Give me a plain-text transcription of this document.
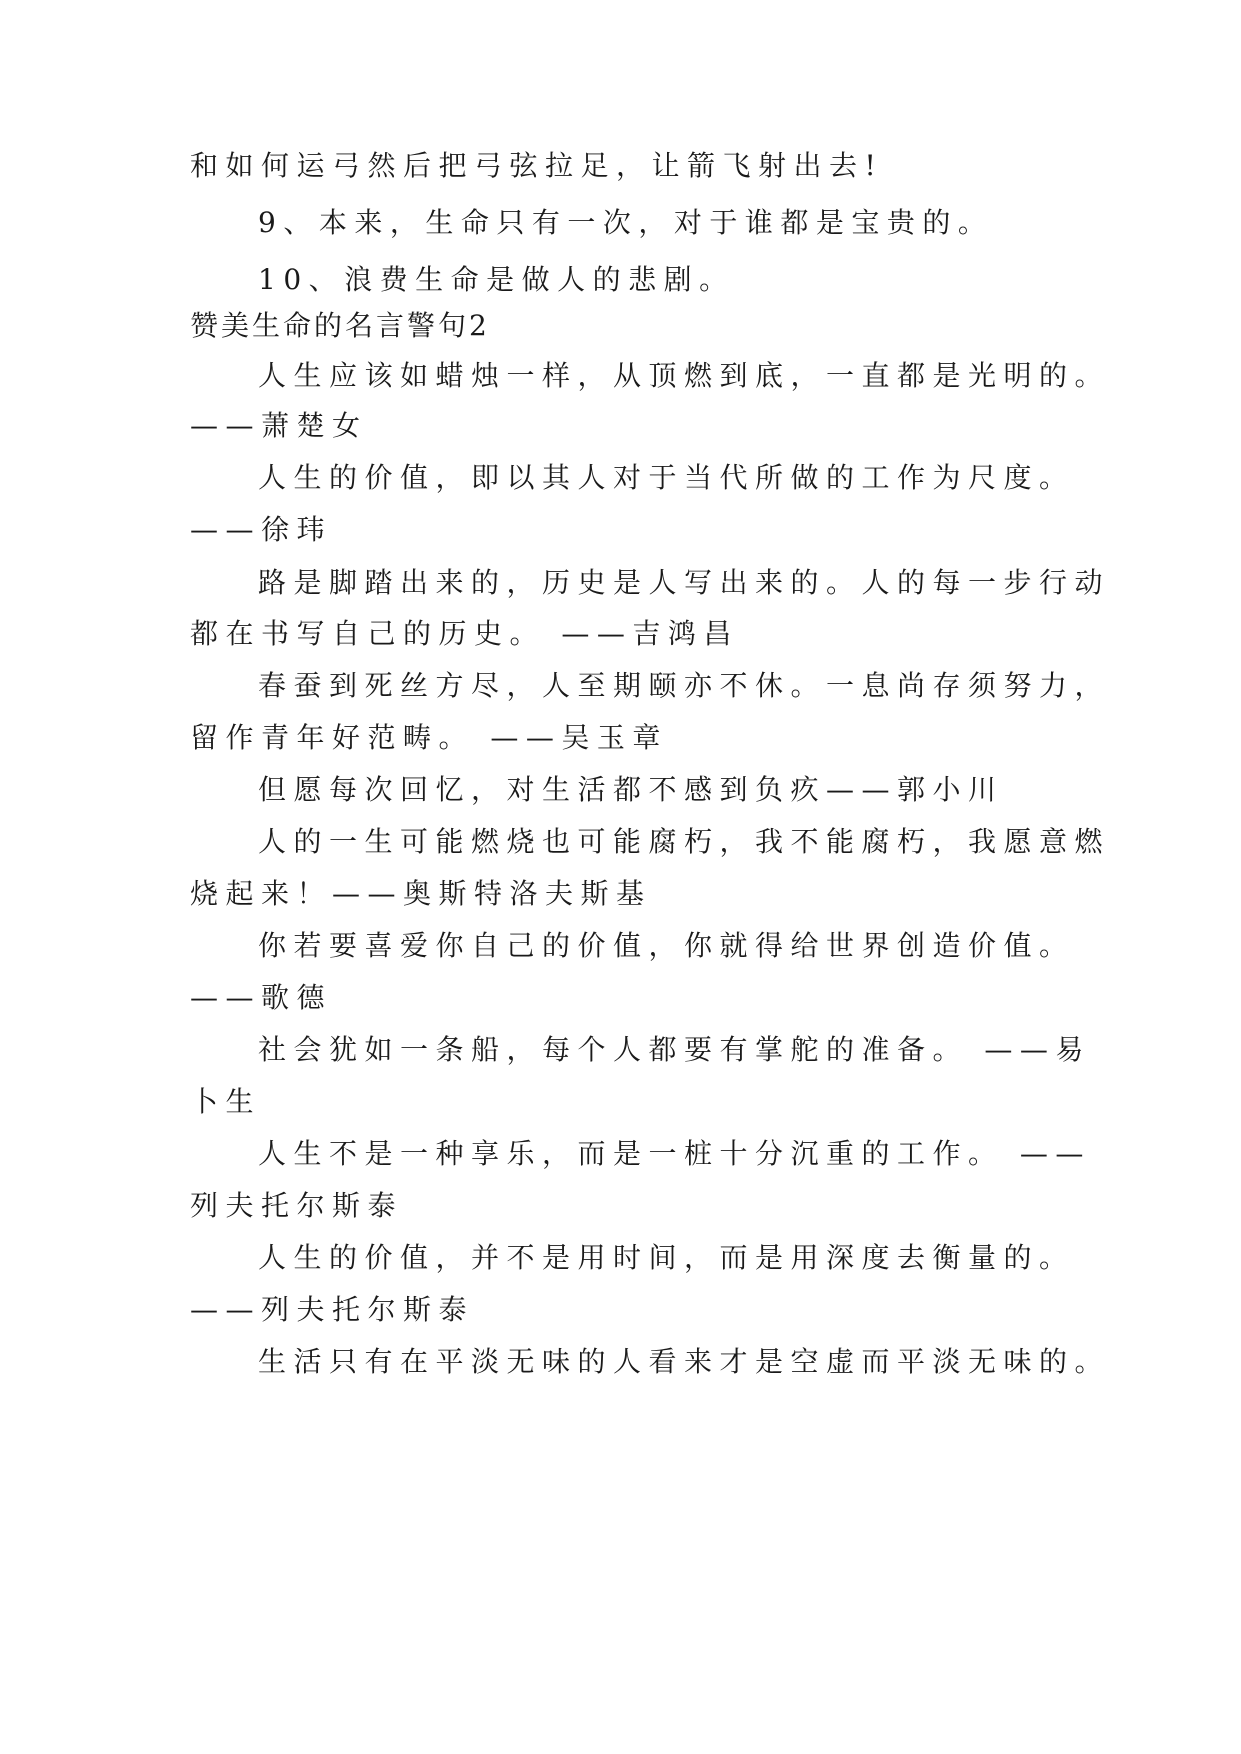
和如何运弓然后把弓弦拉足，让箭飞射出去!
9、本来，生命只有一次，对于谁都是宝贵的。
10、浪费生命是做人的悲剧。
赞美生命的名言警句2
人生应该如蜡烛一样，从顶燃到底，一直都是光明的。
——萧楚女
人生的价值，即以其人对于当代所做的工作为尺度。
——徐玮
路是脚踏出来的，历史是人写出来的。人的每一步行动
都在书写自己的历史。 ——吉鸿昌
春蚕到死丝方尽，人至期颐亦不休。一息尚存须努力，
留作青年好范畴。 ——吴玉章
但愿每次回忆，对生活都不感到负疚——郭小川
人的一生可能燃烧也可能腐朽，我不能腐朽，我愿意燃
烧起来！——奥斯特洛夫斯基
你若要喜爱你自己的价值，你就得给世界创造价值。
——歌德
社会犹如一条船，每个人都要有掌舵的准备。 ——易
卜生
人生不是一种享乐，而是一桩十分沉重的工作。 ——
列夫托尔斯泰
人生的价值，并不是用时间，而是用深度去衡量的。
——列夫托尔斯泰
生活只有在平淡无味的人看来才是空虚而平淡无味的。
